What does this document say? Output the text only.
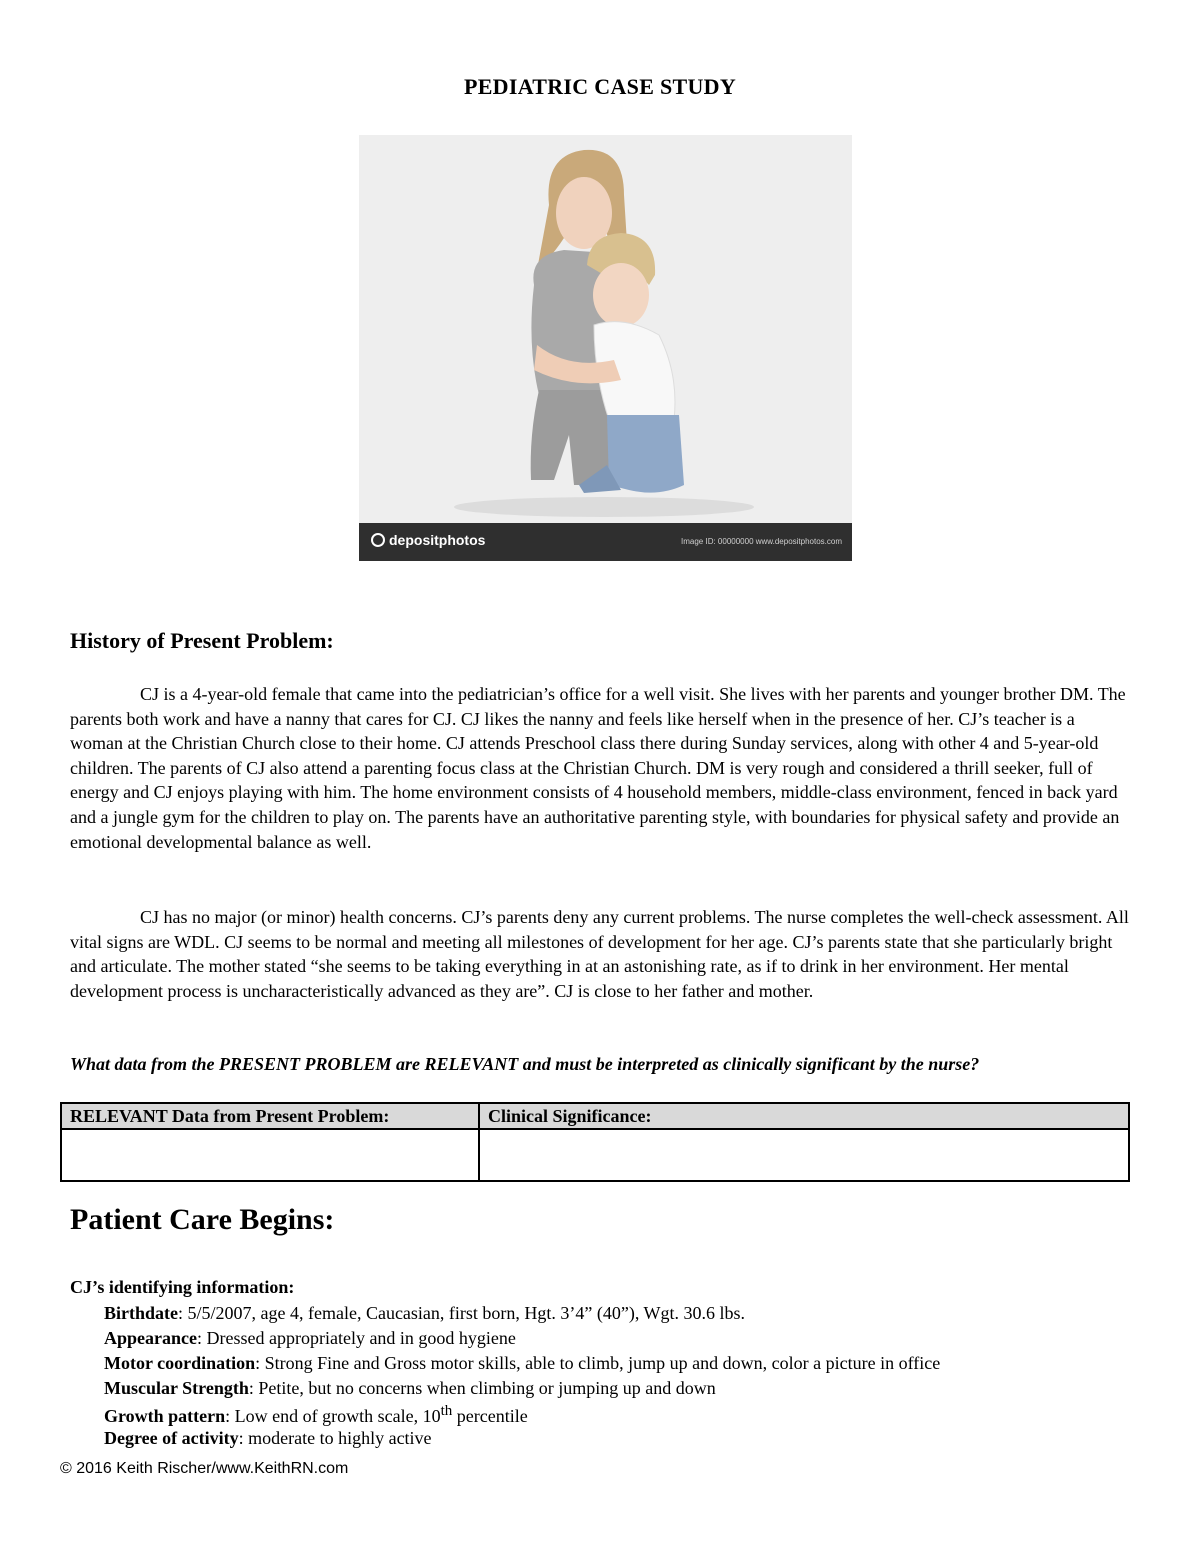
PEDIATRIC CASE STUDY
depositphotos	Image ID: 00000000 www.depositphotos.com
History of Present Problem:

CJ is a 4-year-old female that came into the pediatrician’s office for a well visit. She lives with her parents and younger brother DM. The parents both work and have a nanny that cares for CJ. CJ likes the nanny and feels like herself when in the presence of her. CJ’s teacher is a woman at the Christian Church close to their home. CJ attends Preschool class there during Sunday services, along with other 4 and 5-year-old children. The parents of CJ also attend a parenting focus class at the Christian Church. DM is very rough and considered a thrill seeker, full of energy and CJ enjoys playing with him. The home environment consists of 4 household members, middle-class environment, fenced in back yard and a jungle gym for the children to play on. The parents have an authoritative parenting style, with boundaries for physical safety and provide an emotional developmental balance as well.

CJ has no major (or minor) health concerns. CJ’s parents deny any current problems. The nurse completes the well-check assessment. All vital signs are WDL. CJ seems to be normal and meeting all milestones of development for her age. CJ’s parents state that she particularly bright and articulate. The mother stated “she seems to be taking everything in at an astonishing rate, as if to drink in her environment. Her mental development process is uncharacteristically advanced as they are”. CJ is close to her father and mother.

What data from the PRESENT PROBLEM are RELEVANT and must be interpreted as clinically significant by the nurse?

RELEVANT Data from Present Problem:	Clinical Significance:

Patient Care Begins:

CJ’s identifying information:

Birthdate: 5/5/2007, age 4, female, Caucasian, first born, Hgt. 3’4” (40”), Wgt. 30.6 lbs.

Appearance: Dressed appropriately and in good hygiene

Motor coordination: Strong Fine and Gross motor skills, able to climb, jump up and down, color a picture in office

Muscular Strength: Petite, but no concerns when climbing or jumping up and down

Growth pattern: Low end of growth scale, 10th percentile

Degree of activity: moderate to highly active

© 2016 Keith Rischer/www.KeithRN.com
